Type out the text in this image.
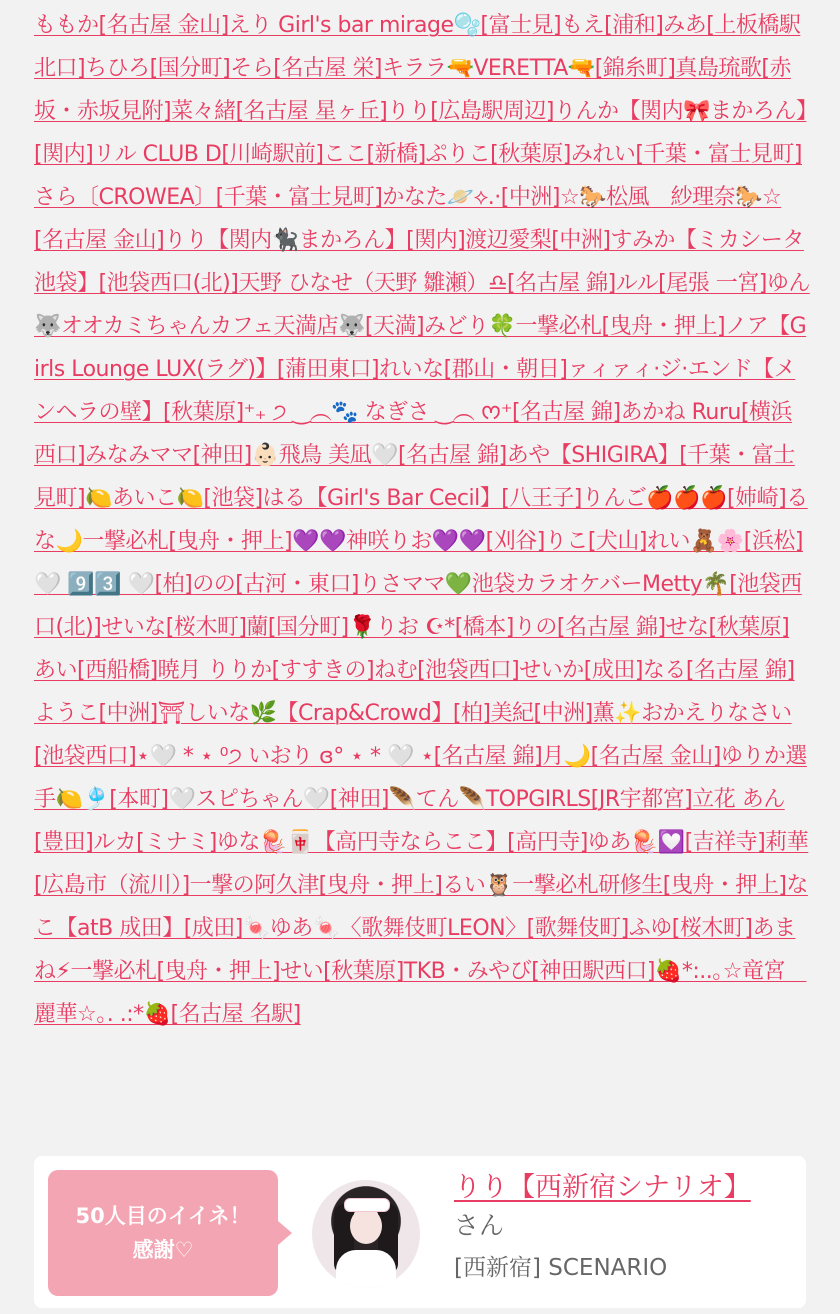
ももか[名古屋 金山]えり Girl's bar mirage🫧[富士見]もえ[浦和]みあ[上板橋駅北口]ちひろ[国分町]そら[名古屋 栄]キララ🔫VERETTA🔫[錦糸町]真島琉歌[赤坂・赤坂見附]菜々緒[名古屋 星ヶ丘]りり[広島駅周辺]りんか【関内🎀まかろん】[関内]リル CLUB D[川崎駅前]ここ[新橋]ぷりこ[秋葉原]みれい[千葉・富士見町]さら〔CROWEA〕[千葉・富士見町]かなた🪐⟡.·[中洲]☆🐎松風　紗理奈🐎☆[名古屋 金山]りり【関内🐈‍⬛まかろん】[関内]渡辺愛梨[中洲]すみか【ミカシータ池袋】[池袋西口(北)]天野 ひなせ（天野 雛瀬）♎[名古屋 錦]ルル[尾張 一宮]ゆん🐺オオカミちゃんカフェ天満店🐺[天満]みどり🍀一撃必札[曳舟・押上]ノア【Girls Lounge LUX(ラグ)】[蒲田東口]れいな[郡山・朝日]ァィァィ·ジ·エンド【メンヘラの壁】[秋葉原]⁺₊ ੭ ‿︵🐾 なぎさ ‿︵ ᰔ⁺[名古屋 錦]あかね Ruru[横浜西口]みなみママ[神田]👶🏻飛鳥 美凪🤍[名古屋 錦]あや【SHIGIRA】[千葉・富士見町]🍋あいこ🍋[池袋]はる【Girl's Bar Cecil】[八王子]りんご🍎🍎🍎[姉崎]るな🌙一撃必札[曳舟・押上]💜💜神咲りお💜💜[刈谷]りこ[犬山]れい🧸🌸[浜松]🤍 9️⃣3️⃣ 🤍[柏]のの[古河・東口]りさママ💚池袋カラオケバーMetty🌴[池袋西口(北)]せいな[桜木町]蘭[国分町]🌹りお ☪︎*[橋本]りの[名古屋 錦]せな[秋葉原]あい[西船橋]暁月 りりか[すすきの]ねむ[池袋西口]せいか[成田]なる[名古屋 錦]ようこ[中洲]⛩しいな🌿【Crap&Crowd】[柏]美紀[中洲]薫✨おかえりなさい[池袋西口]⋆🤍 * ⋆ ⁰੭ いおり ɞ° ⋆ * 🤍 ⋆[名古屋 錦]月🌙[名古屋 金山]ゆりか選手🍋🎐[本町]🤍スピちゃん🤍[神田]🪶てん🪶TOPGIRLS[JR宇都宮]立花 あん[豊田]ルカ[ミナミ]ゆな🪼🀄【高円寺ならここ】[高円寺]ゆあ🪼💟[吉祥寺]莉華[広島市（流川）]一撃の阿久津[曳舟・押上]るい🦉一撃必札研修生[曳舟・押上]なこ【atB 成田】[成田]🍬ゆあ🍬〈歌舞伎町LEON〉[歌舞伎町]ふゆ[桜木町]あまね⚡一撃必札[曳舟・押上]せい[秋葉原]TKB・みやび[神田駅西口]🍓*:..｡☆竜宮　麗華☆｡. .:*🍓[名古屋 名駅]
50人目のイイネ！
感謝♡
りり【西新宿シナリオ】
さん
[西新宿] SCENARIO
